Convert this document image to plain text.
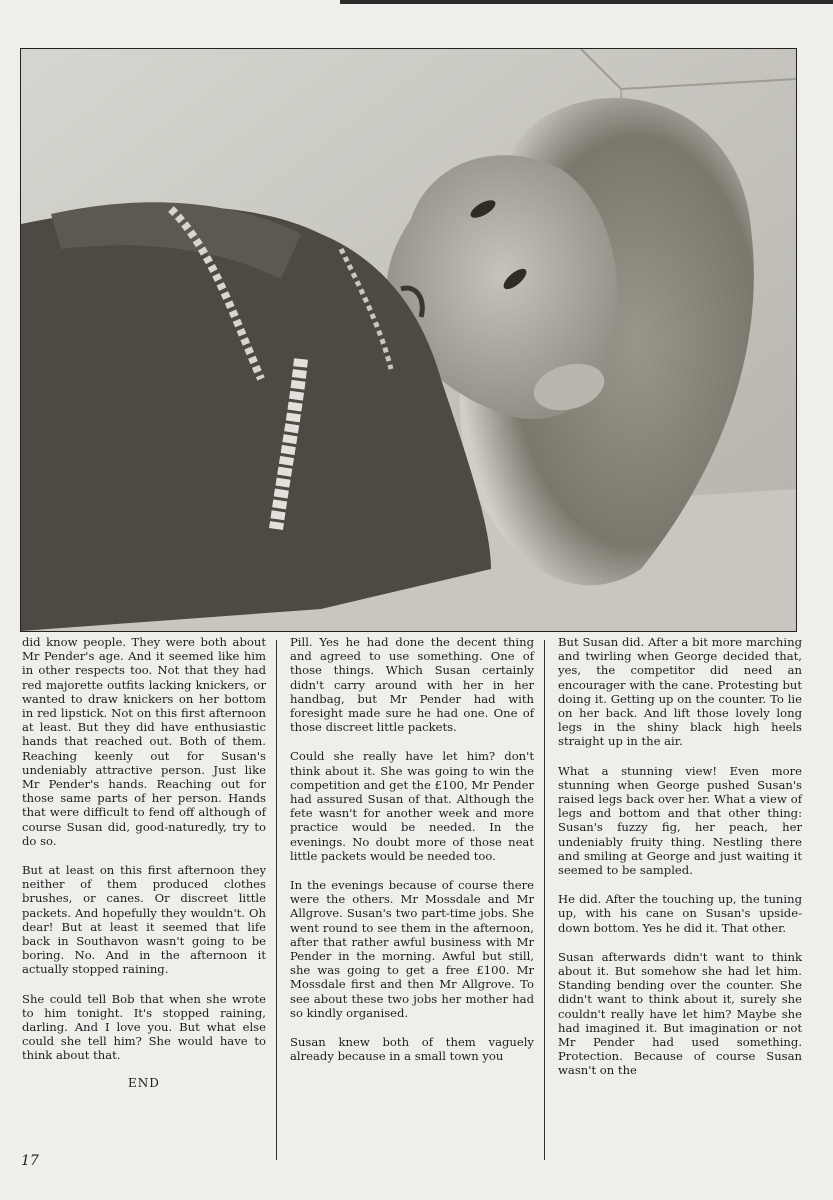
did know people. They were both about Mr Pender's age. And it seemed like him in other respects too. Not that they had red majorette outfits lacking knickers, or wanted to draw knickers on her bottom in red lipstick. Not on this first afternoon at least. But they did have enthusiastic hands that reached out. Both of them. Reaching keenly out for Susan's undeniably attractive person. Just like Mr Pender's hands. Reaching out for those same parts of her person. Hands that were difficult to fend off although of course Susan did, good-naturedly, try to do so.

But at least on this first afternoon they neither of them produced clothes brushes, or canes. Or discreet little packets. And hopefully they wouldn't. Oh dear! But at least it seemed that life back in Southavon wasn't going to be boring. No. And in the afternoon it actually stopped raining.

She could tell Bob that when she wrote to him tonight. It's stopped raining, darling. And I love you. But what else could she tell him? She would have to think about that.

END

Pill. Yes he had done the decent thing and agreed to use something. One of those things. Which Susan certainly didn't carry around with her in her handbag, but Mr Pender had with foresight made sure he had one. One of those discreet little packets.

Could she really have let him? don't think about it. She was going to win the competition and get the £100, Mr Pender had assured Susan of that. Although the fete wasn't for another week and more practice would be needed. In the evenings. No doubt more of those neat little packets would be needed too.

In the evenings because of course there were the others. Mr Mossdale and Mr Allgrove. Susan's two part-time jobs. She went round to see them in the afternoon, after that rather awful business with Mr Pender in the morning. Awful but still, she was going to get a free £100. Mr Mossdale first and then Mr Allgrove. To see about these two jobs her mother had so kindly organised.

Susan knew both of them vaguely already because in a small town you

But Susan did. After a bit more marching and twirling when George decided that, yes, the competitor did need an encourager with the cane. Protesting but doing it. Getting up on the counter. To lie on her back. And lift those lovely long legs in the shiny black high heels straight up in the air.

What a stunning view! Even more stunning when George pushed Susan's raised legs back over her. What a view of legs and bottom and that other thing: Susan's fuzzy fig, her peach, her undeniably fruity thing. Nestling there and smiling at George and just waiting it seemed to be sampled.

He did. After the touching up, the tuning up, with his cane on Susan's upside-down bottom. Yes he did it. That other.

Susan afterwards didn't want to think about it. But somehow she had let him. Standing bending over the counter. She didn't want to think about it, surely she couldn't really have let him? Maybe she had imagined it. But imagination or not Mr Pender had used something. Protection. Because of course Susan wasn't on the

17
